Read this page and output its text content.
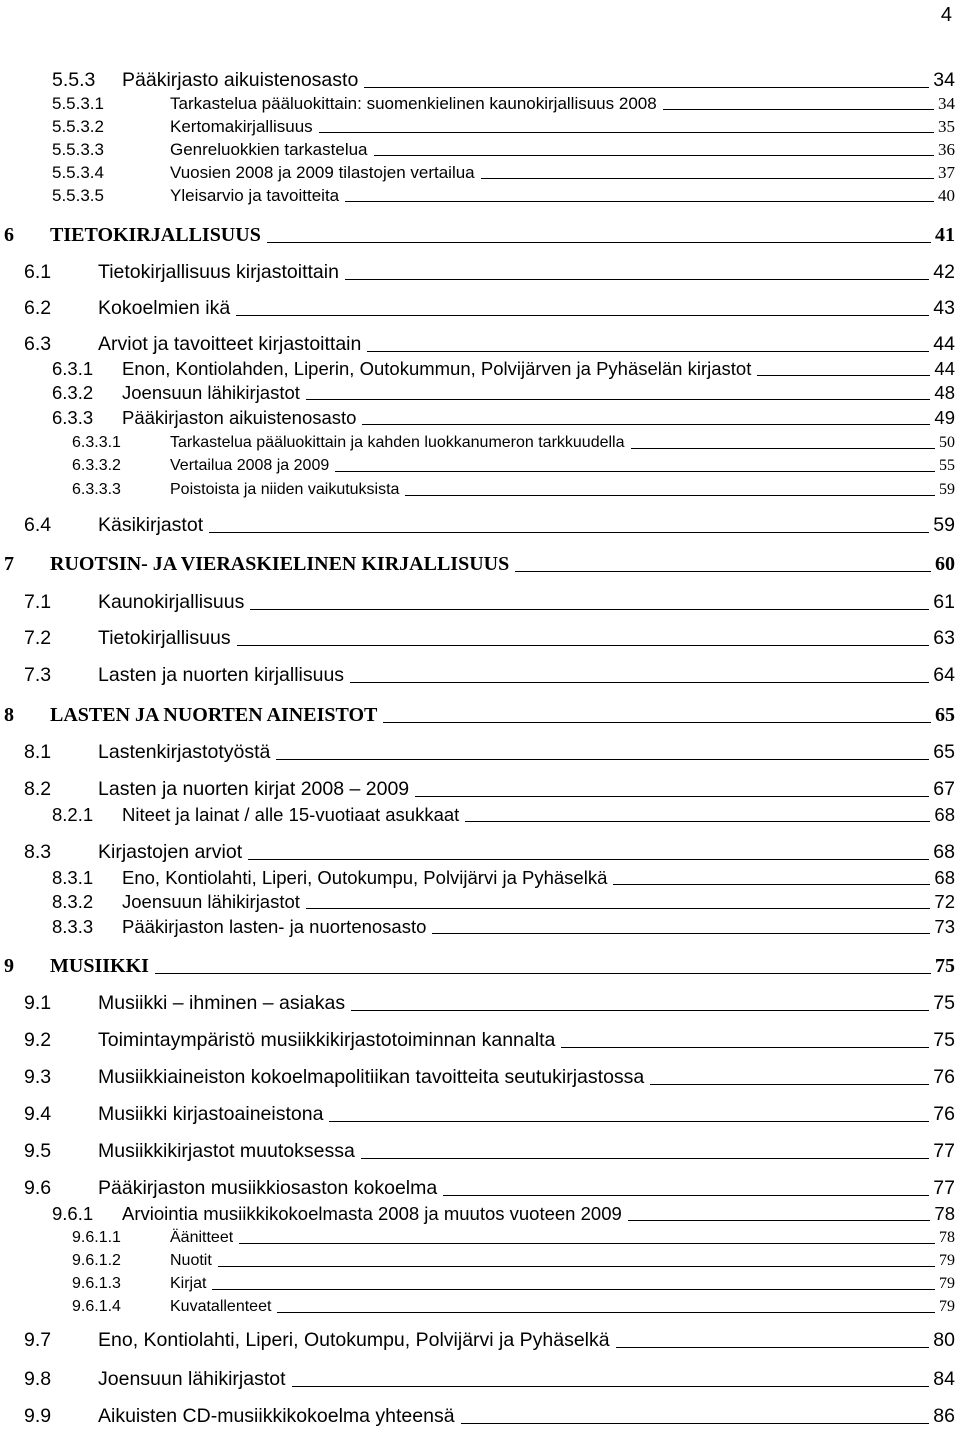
4
5.5.3 Pääkirjasto aikuistenosasto	34
5.5.3.1	Tarkastelua pääluokittain: suomenkielinen kaunokirjallisuus 2008	34
5.5.3.2	Kertomakirjallisuus	35
5.5.3.3	Genreluokkien tarkastelua	36
5.5.3.4	Vuosien 2008 ja 2009 tilastojen vertailua	37
5.5.3.5	Yleisarvio ja tavoitteita	40
6 TIETOKIRJALLISUUS	41
6.1 Tietokirjallisuus kirjastoittain	42
6.2 Kokoelmien ikä	43
6.3 Arviot ja tavoitteet kirjastoittain	44
6.3.1 Enon, Kontiolahden, Liperin, Outokummun, Polvijärven ja Pyhäselän kirjastot	44
6.3.2 Joensuun lähikirjastot	48
6.3.3 Pääkirjaston aikuistenosasto	49
6.3.3.1	Tarkastelua pääluokittain ja kahden luokkanumeron tarkkuudella	50
6.3.3.2	Vertailua 2008 ja 2009	55
6.3.3.3	Poistoista ja niiden vaikutuksista	59
6.4 Käsikirjastot	59
7 RUOTSIN- JA VIERASKIELINEN KIRJALLISUUS	60
7.1 Kaunokirjallisuus	61
7.2 Tietokirjallisuus	63
7.3 Lasten ja nuorten kirjallisuus	64
8 LASTEN JA NUORTEN AINEISTOT	65
8.1 Lastenkirjastotyöstä	65
8.2 Lasten ja nuorten kirjat 2008 – 2009	67
8.2.1 Niteet ja lainat / alle 15-vuotiaat asukkaat	68
8.3 Kirjastojen arviot	68
8.3.1 Eno, Kontiolahti, Liperi, Outokumpu, Polvijärvi ja Pyhäselkä	68
8.3.2 Joensuun lähikirjastot	72
8.3.3 Pääkirjaston lasten- ja nuortenosasto	73
9 MUSIIKKI	75
9.1 Musiikki – ihminen – asiakas	75
9.2 Toimintaympäristö musiikkikirjastotoiminnan kannalta	75
9.3 Musiikkiaineiston kokoelmapolitiikan tavoitteita seutukirjastossa	76
9.4 Musiikki kirjastoaineistona	76
9.5 Musiikkikirjastot muutoksessa	77
9.6 Pääkirjaston musiikkiosaston kokoelma	77
9.6.1 Arviointia musiikkikokoelmasta 2008 ja muutos vuoteen 2009	78
9.6.1.1	Äänitteet	78
9.6.1.2	Nuotit	79
9.6.1.3	Kirjat	79
9.6.1.4	Kuvatallenteet	79
9.7 Eno, Kontiolahti, Liperi, Outokumpu, Polvijärvi ja Pyhäselkä	80
9.8 Joensuun lähikirjastot	84
9.9 Aikuisten CD-musiikkikokoelma yhteensä	86
